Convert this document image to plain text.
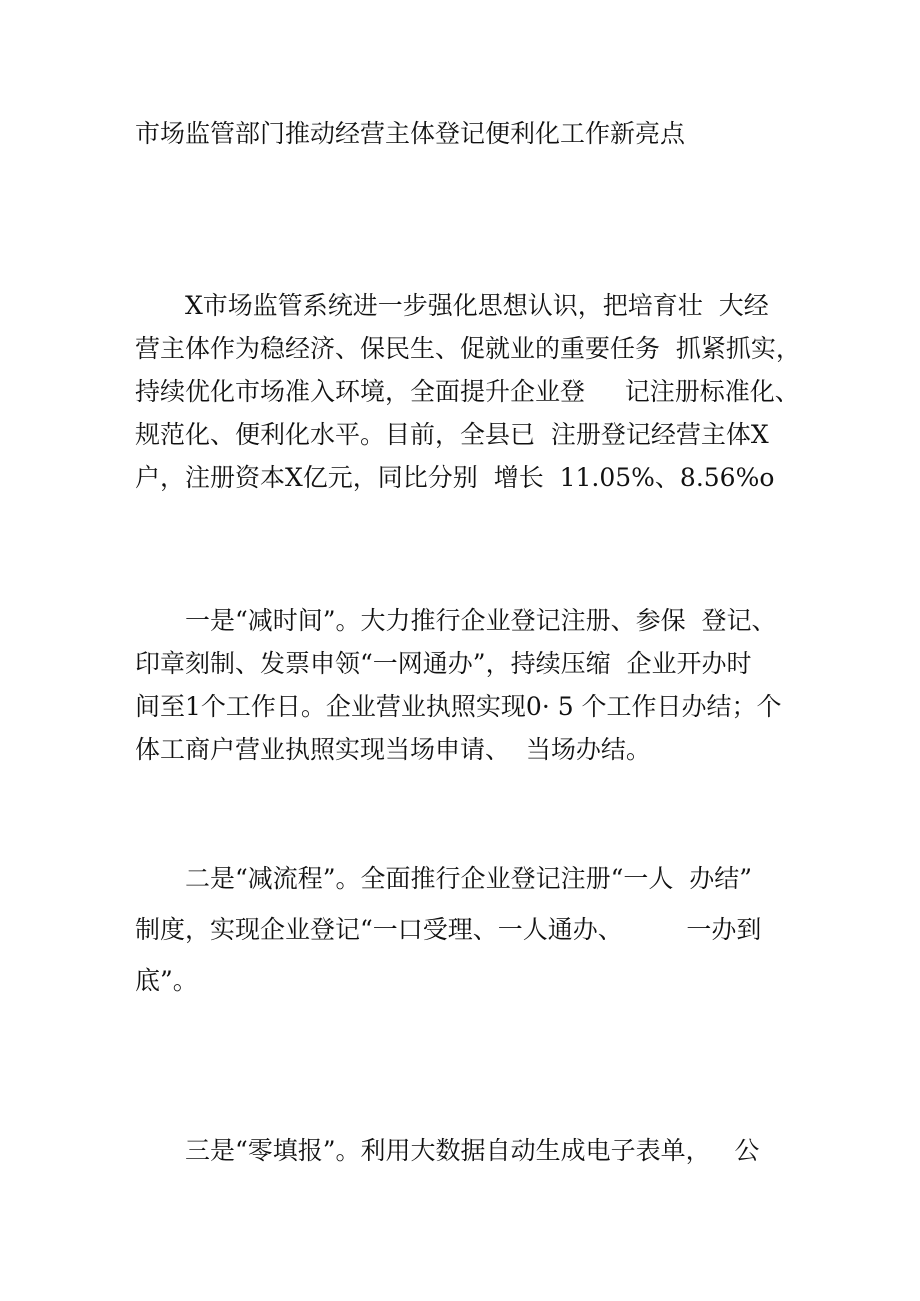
市场监管部门推动经营主体登记便利化工作新亮点
X市场监管系统进一步强化思想认识，把培育壮  大经
营主体作为稳经济、保民生、促就业的重要任务  抓紧抓实，
持续优化市场准入环境，全面提升企业登     记注册标准化、
规范化、便利化水平。目前，全县已  注册登记经营主体X
户，注册资本X亿元，同比分别  增长  11.05%、8.56%o
一是“减时间”。大力推行企业登记注册、参保  登记、
印章刻制、发票申领“一网通办”，持续压缩  企业开办时
间至1个工作日。企业营业执照实现0· 5 个工作日办结；个
体工商户营业执照实现当场申请、  当场办结。
二是“减流程”。全面推行企业登记注册“一人  办结”
制度，实现企业登记“一口受理、一人通办、        一办到
底”。
三是“零填报”。利用大数据自动生成电子表单，   公
